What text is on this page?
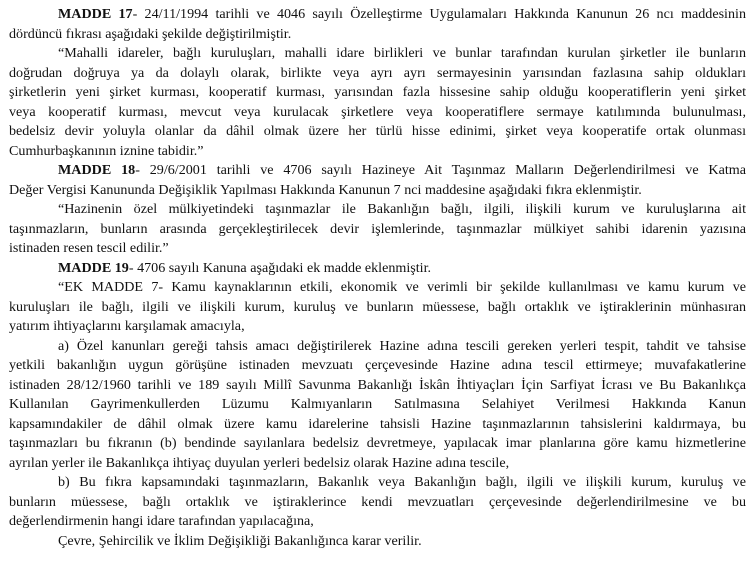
MADDE 17- 24/11/1994 tarihli ve 4046 sayılı Özelleştirme Uygulamaları Hakkında Kanunun 26 ncı maddesinin
dördüncü fıkrası aşağıdaki şekilde değiştirilmiştir.
“Mahalli idareler, bağlı kuruluşları, mahalli idare birlikleri ve bunlar tarafından kurulan şirketler ile bunların
doğrudan doğruya ya da dolaylı olarak, birlikte veya ayrı ayrı sermayesinin yarısından fazlasına sahip oldukları
şirketlerin yeni şirket kurması, kooperatif kurması, yarısından fazla hissesine sahip olduğu kooperatiflerin yeni şirket
veya kooperatif kurması, mevcut veya kurulacak şirketlere veya kooperatiflere sermaye katılımında bulunulması,
bedelsiz devir yoluyla olanlar da dâhil olmak üzere her türlü hisse edinimi, şirket veya kooperatife ortak olunması
Cumhurbaşkanının iznine tabidir.”
MADDE 18- 29/6/2001 tarihli ve 4706 sayılı Hazineye Ait Taşınmaz Malların Değerlendirilmesi ve Katma
Değer Vergisi Kanununda Değişiklik Yapılması Hakkında Kanunun 7 nci maddesine aşağıdaki fıkra eklenmiştir.
“Hazinenin özel mülkiyetindeki taşınmazlar ile Bakanlığın bağlı, ilgili, ilişkili kurum ve kuruluşlarına ait
taşınmazların, bunların arasında gerçekleştirilecek devir işlemlerinde, taşınmazlar mülkiyet sahibi idarenin yazısına
istinaden resen tescil edilir.”
MADDE 19- 4706 sayılı Kanuna aşağıdaki ek madde eklenmiştir.
“EK MADDE 7- Kamu kaynaklarının etkili, ekonomik ve verimli bir şekilde kullanılması ve kamu kurum ve
kuruluşları ile bağlı, ilgili ve ilişkili kurum, kuruluş ve bunların müessese, bağlı ortaklık ve iştiraklerinin münhasıran
yatırım ihtiyaçlarını karşılamak amacıyla,
a) Özel kanunları gereği tahsis amacı değiştirilerek Hazine adına tescili gereken yerleri tespit, tahdit ve tahsise
yetkili bakanlığın uygun görüşüne istinaden mevzuatı çerçevesinde Hazine adına tescil ettirmeye; muvafakatlerine
istinaden 28/12/1960 tarihli ve 189 sayılı Millî Savunma Bakanlığı İskân İhtiyaçları İçin Sarfiyat İcrası ve Bu Bakanlıkça
Kullanılan Gayrimenkullerden Lüzumu Kalmıyanların Satılmasına Selahiyet Verilmesi Hakkında Kanun
kapsamındakiler de dâhil olmak üzere kamu idarelerine tahsisli Hazine taşınmazlarının tahsislerini kaldırmaya, bu
taşınmazları bu fıkranın (b) bendinde sayılanlara bedelsiz devretmeye, yapılacak imar planlarına göre kamu hizmetlerine
ayrılan yerler ile Bakanlıkça ihtiyaç duyulan yerleri bedelsiz olarak Hazine adına tescile,
b) Bu fıkra kapsamındaki taşınmazların, Bakanlık veya Bakanlığın bağlı, ilgili ve ilişkili kurum, kuruluş ve
bunların müessese, bağlı ortaklık ve iştiraklerince kendi mevzuatları çerçevesinde değerlendirilmesine ve bu
değerlendirmenin hangi idare tarafından yapılacağına,
Çevre, Şehircilik ve İklim Değişikliği Bakanlığınca karar verilir.
